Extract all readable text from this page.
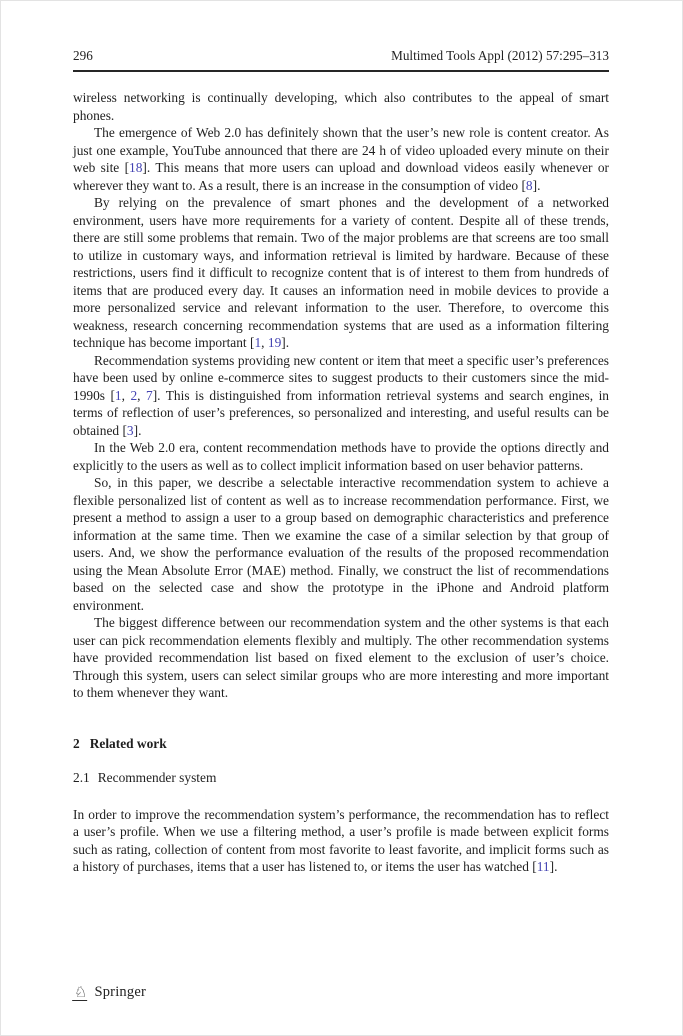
296	Multimed Tools Appl (2012) 57:295–313

wireless networking is continually developing, which also contributes to the appeal of smart phones.

The emergence of Web 2.0 has definitely shown that the user’s new role is content creator. As just one example, YouTube announced that there are 24 h of video uploaded every minute on their web site [18]. This means that more users can upload and download videos easily whenever or wherever they want to. As a result, there is an increase in the consumption of video [8].

By relying on the prevalence of smart phones and the development of a networked environment, users have more requirements for a variety of content. Despite all of these trends, there are still some problems that remain. Two of the major problems are that screens are too small to utilize in customary ways, and information retrieval is limited by hardware. Because of these restrictions, users find it difficult to recognize content that is of interest to them from hundreds of items that are produced every day. It causes an information need in mobile devices to provide a more personalized service and relevant information to the user. Therefore, to overcome this weakness, research concerning recommendation systems that are used as a information filtering technique has become important [1, 19].

Recommendation systems providing new content or item that meet a specific user’s preferences have been used by online e-commerce sites to suggest products to their customers since the mid-1990s [1, 2, 7]. This is distinguished from information retrieval systems and search engines, in terms of reflection of user’s preferences, so personalized and interesting, and useful results can be obtained [3].

In the Web 2.0 era, content recommendation methods have to provide the options directly and explicitly to the users as well as to collect implicit information based on user behavior patterns.

So, in this paper, we describe a selectable interactive recommendation system to achieve a flexible personalized list of content as well as to increase recommendation performance. First, we present a method to assign a user to a group based on demographic characteristics and preference information at the same time. Then we examine the case of a similar selection by that group of users. And, we show the performance evaluation of the results of the proposed recommendation using the Mean Absolute Error (MAE) method. Finally, we construct the list of recommendations based on the selected case and show the prototype in the iPhone and Android platform environment.

The biggest difference between our recommendation system and the other systems is that each user can pick recommendation elements flexibly and multiply. The other recommendation systems have provided recommendation list based on fixed element to the exclusion of user’s choice. Through this system, users can select similar groups who are more interesting and more important to them whenever they want.

2 Related work
2.1 Recommender system

In order to improve the recommendation system’s performance, the recommendation has to reflect a user’s profile. When we use a filtering method, a user’s profile is made between explicit forms such as rating, collection of content from most favorite to least favorite, and implicit forms such as a history of purchases, items that a user has listened to, or items the user has watched [11].

♘ Springer
